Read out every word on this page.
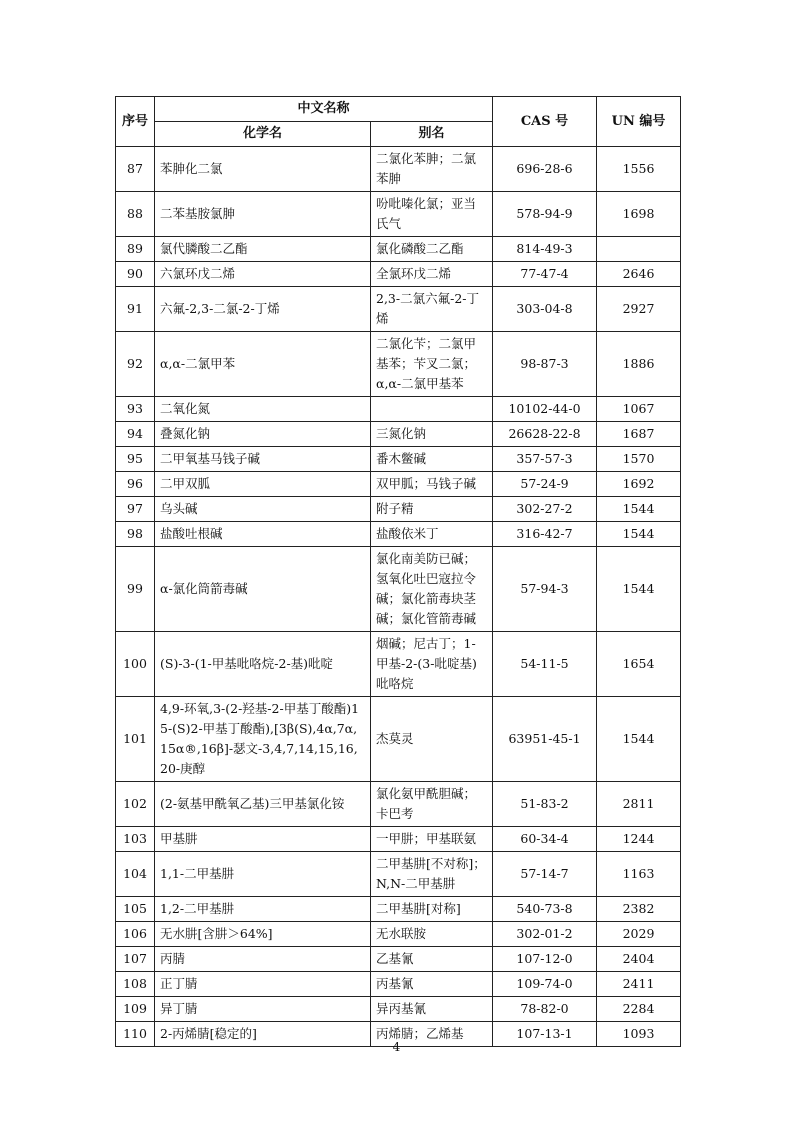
序号	中文名称		CAS 号	UN 编号
	化学名	别名		
87	苯胂化二氯	二氯化苯胂；二氯苯胂	696-28-6	1556
88	二苯基胺氯胂	吩吡嗪化氯；亚当氏气	578-94-9	1698
89	氯代膦酸二乙酯	氯化磷酸二乙酯	814-49-3	
90	六氯环戊二烯	全氯环戊二烯	77-47-4	2646
91	六氟-2,3-二氯-2-丁烯	2,3-二氯六氟-2-丁烯	303-04-8	2927
92	α,α-二氯甲苯	二氯化苄；二氯甲基苯；苄叉二氯；α,α-二氯甲基苯	98-87-3	1886
93	二氧化氮		10102-44-0	1067
94	叠氮化钠	三氮化钠	26628-22-8	1687
95	二甲氧基马钱子碱	番木鳖碱	357-57-3	1570
96	二甲双胍	双甲胍；马钱子碱	57-24-9	1692
97	乌头碱	附子精	302-27-2	1544
98	盐酸吐根碱	盐酸依米丁	316-42-7	1544
99	α-氯化筒箭毒碱	氯化南美防已碱；氢氧化吐巴寇拉令碱；氯化箭毒块茎碱；氯化管箭毒碱	57-94-3	1544
100	(S)-3-(1-甲基吡咯烷-2-基)吡啶	烟碱；尼古丁；1-甲基-2-(3-吡啶基)吡咯烷	54-11-5	1654
101	4,9-环氧,3-(2-羟基-2-甲基丁酸酯)15-(S)2-甲基丁酸酯),[3β(S),4α,7α,15α®,16β]-瑟文-3,4,7,14,15,16,20-庚醇	杰莫灵	63951-45-1	1544
102	(2-氨基甲酰氧乙基)三甲基氯化铵	氯化氨甲酰胆碱；卡巴考	51-83-2	2811
103	甲基肼	一甲肼；甲基联氨	60-34-4	1244
104	1,1-二甲基肼	二甲基肼[不对称]；N,N-二甲基肼	57-14-7	1163
105	1,2-二甲基肼	二甲基肼[对称]	540-73-8	2382
106	无水肼[含肼＞64%]	无水联胺	302-01-2	2029
107	丙腈	乙基氰	107-12-0	2404
108	正丁腈	丙基氰	109-74-0	2411
109	异丁腈	异丙基氰	78-82-0	2284
110	2-丙烯腈[稳定的]	丙烯腈；乙烯基	107-13-1	1093
4
